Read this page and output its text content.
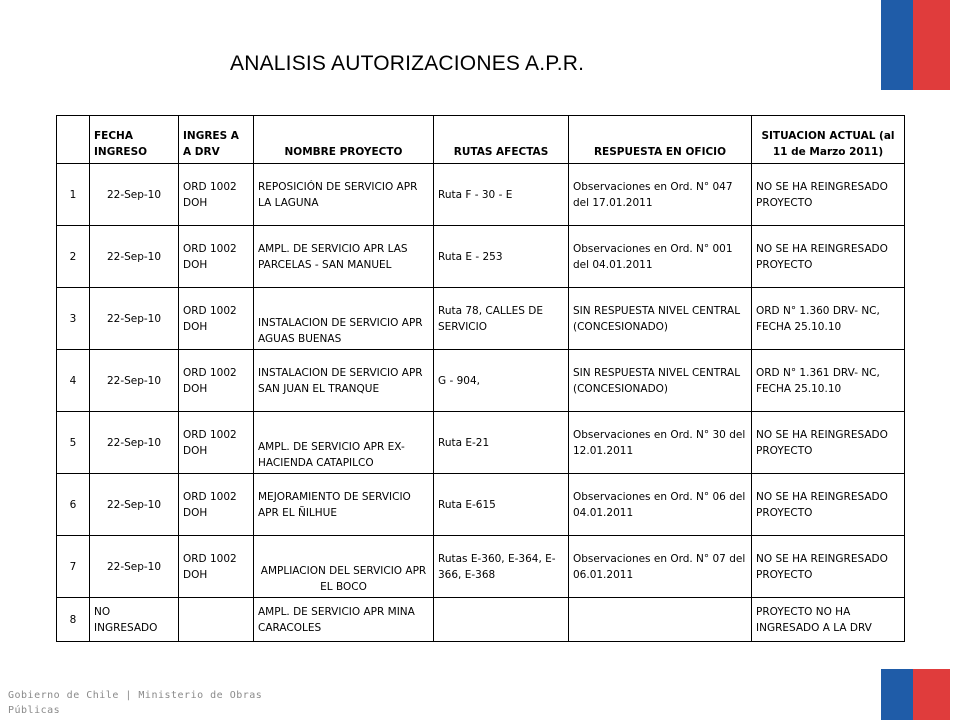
ANALISIS AUTORIZACIONES A.P.R.
	FECHA INGRESO	INGRES A A DRV	NOMBRE PROYECTO	RUTAS AFECTAS	RESPUESTA EN OFICIO	SITUACION ACTUAL (al 11 de Marzo 2011)
1	22-Sep-10	ORD 1002 DOH	REPOSICIÓN DE SERVICIO APR LA LAGUNA	Ruta F - 30 - E	Observaciones en Ord. N° 047 del 17.01.2011	NO SE HA REINGRESADO PROYECTO
2	22-Sep-10	ORD 1002 DOH	AMPL. DE SERVICIO APR LAS PARCELAS - SAN MANUEL	Ruta E - 253	Observaciones en Ord. N° 001 del 04.01.2011	NO SE HA REINGRESADO PROYECTO
3	22-Sep-10	ORD 1002 DOH	INSTALACION DE SERVICIO APR AGUAS BUENAS	Ruta 78, CALLES DE SERVICIO	SIN RESPUESTA NIVEL CENTRAL (CONCESIONADO)	ORD N° 1.360 DRV- NC, FECHA 25.10.10
4	22-Sep-10	ORD 1002 DOH	INSTALACION DE SERVICIO APR SAN JUAN EL TRANQUE	G - 904,	SIN RESPUESTA NIVEL CENTRAL (CONCESIONADO)	ORD N° 1.361 DRV- NC, FECHA 25.10.10
5	22-Sep-10	ORD 1002 DOH	AMPL. DE SERVICIO APR EX-HACIENDA CATAPILCO	Ruta E-21	Observaciones en Ord. N° 30 del 12.01.2011	NO SE HA REINGRESADO PROYECTO
6	22-Sep-10	ORD 1002 DOH	MEJORAMIENTO DE SERVICIO APR EL ÑILHUE	Ruta E-615	Observaciones en Ord. N° 06 del 04.01.2011	NO SE HA REINGRESADO PROYECTO
7	22-Sep-10	ORD 1002 DOH	AMPLIACION DEL SERVICIO APR EL BOCO	Rutas E-360, E-364, E-366, E-368	Observaciones en Ord. N° 07 del 06.01.2011	NO SE HA REINGRESADO PROYECTO
8	NO INGRESADO		AMPL. DE SERVICIO APR MINA CARACOLES			PROYECTO NO HA INGRESADO A LA DRV
Gobierno de Chile | Ministerio de Obras Públicas
